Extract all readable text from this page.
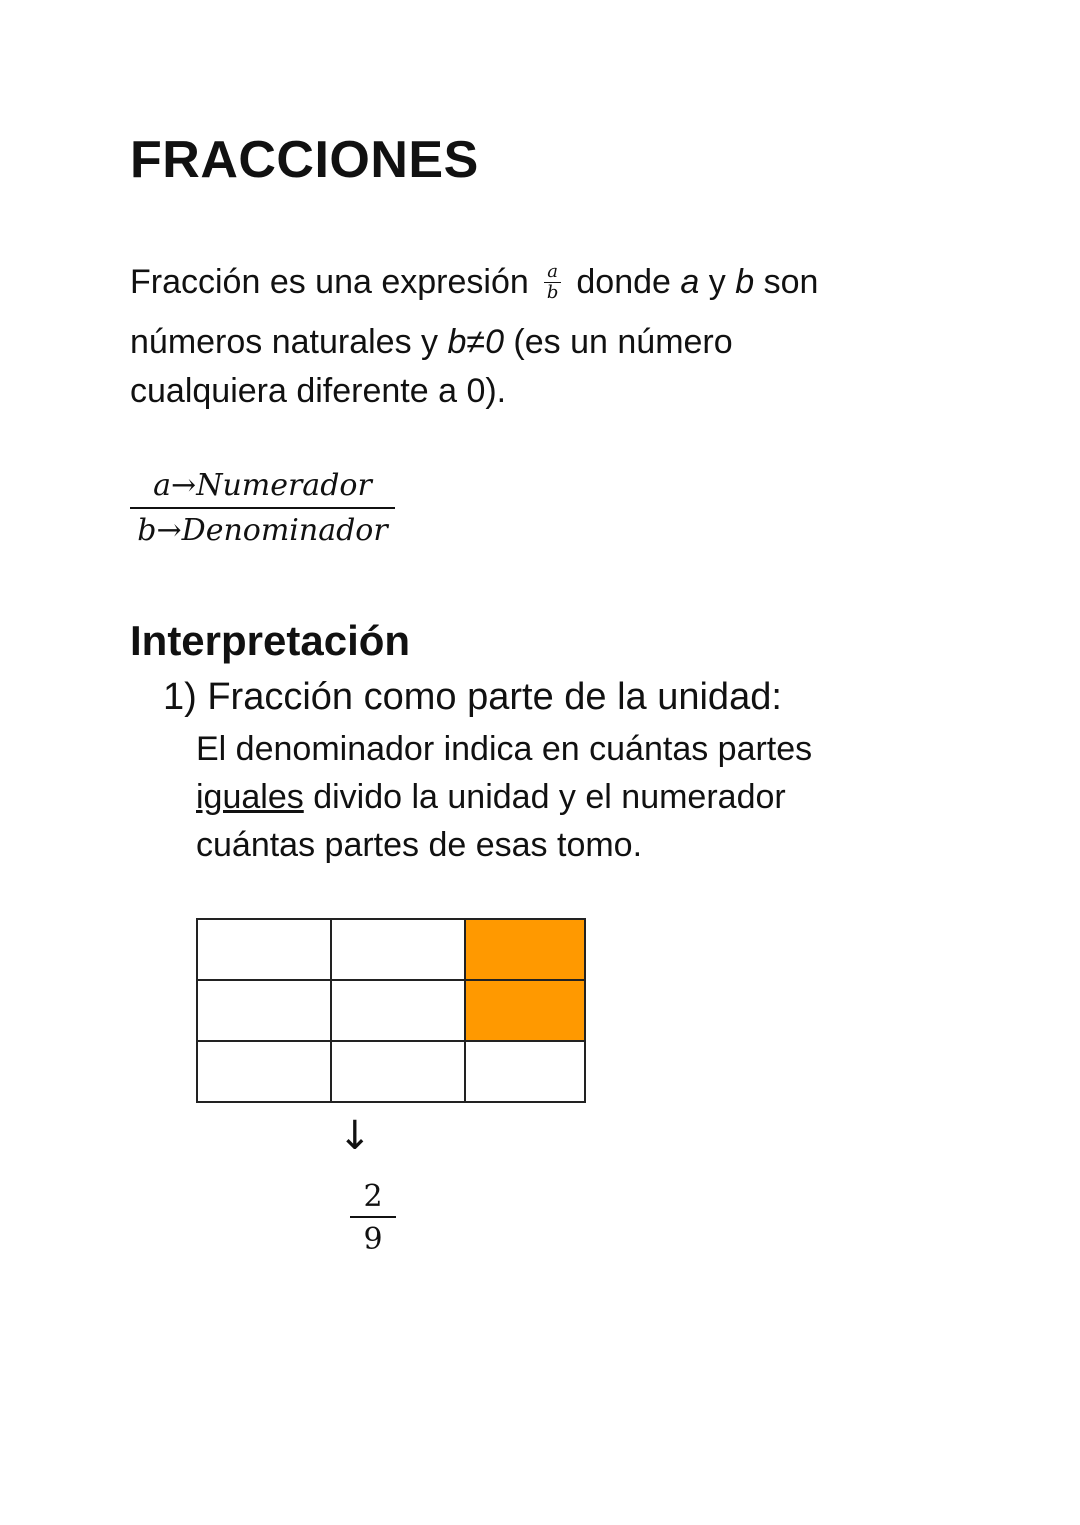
FRACCIONES
Fracción es una expresión $\frac{a}{b}$ donde a y b son
números naturales y b≠0 (es un número
cualquiera diferente a 0).
a→Numerador
b→Denominador
Interpretación
1) Fracción como parte de la unidad:
El denominador indica en cuántas partes
iguales divido la unidad y el numerador
cuántas partes de esas tomo.

↓
$\frac{2}{9}$
